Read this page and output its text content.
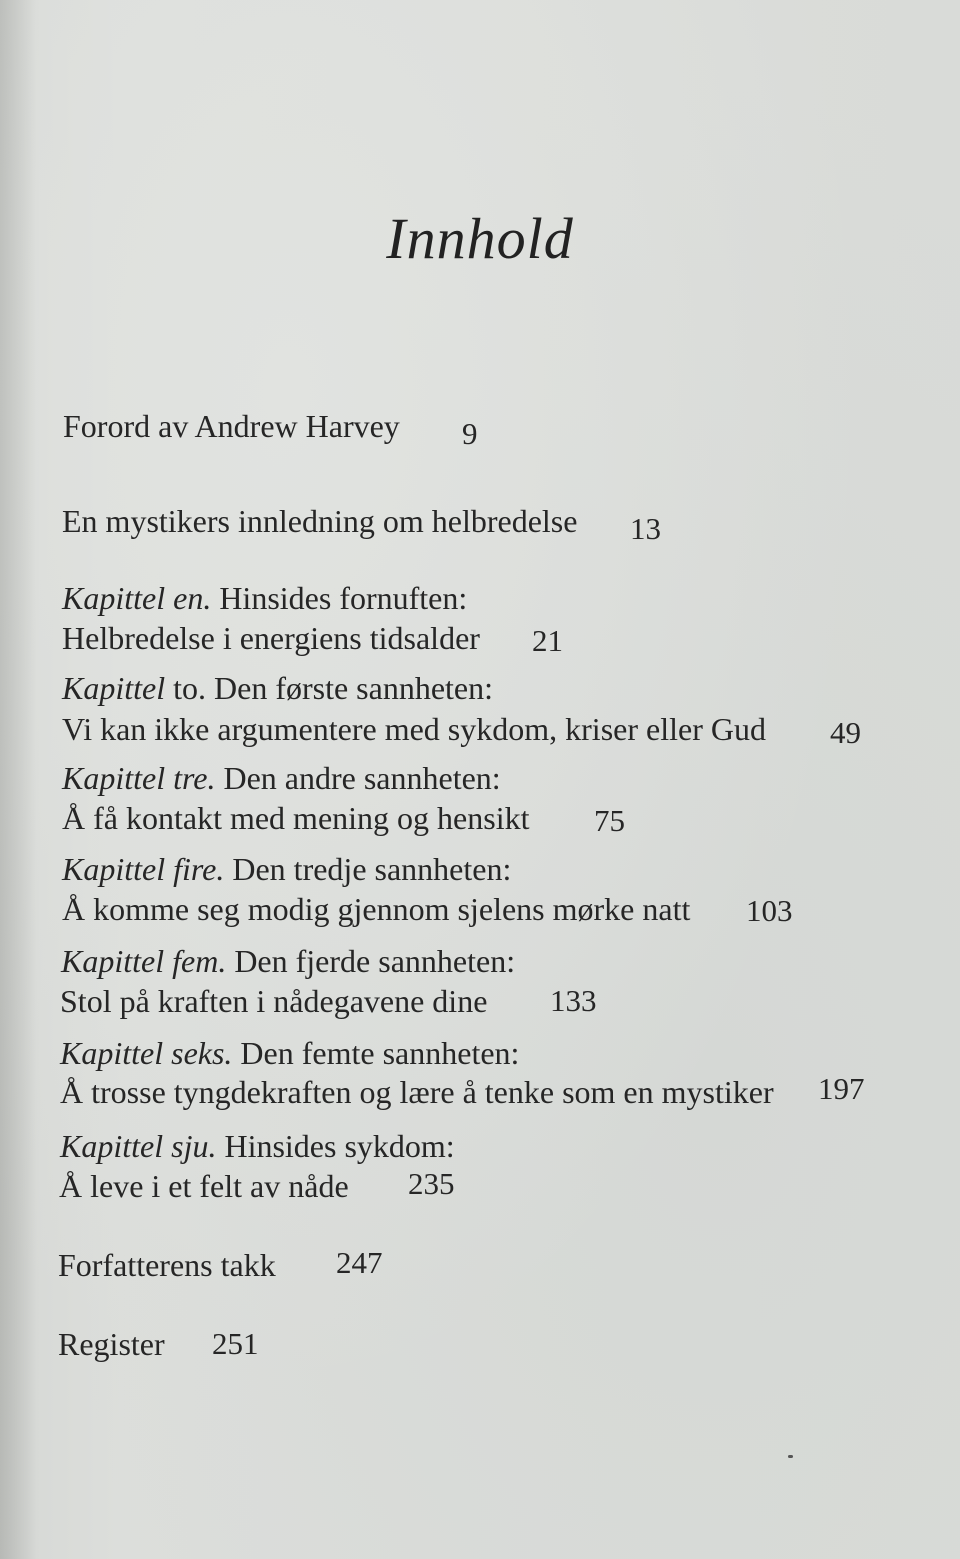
Innhold
Forord av Andrew Harvey 9
En mystikers innledning om helbredelse 13
Kapittel en. Hinsides fornuften:
Helbredelse i energiens tidsalder 21
Kapittel to. Den første sannheten:
Vi kan ikke argumentere med sykdom, kriser eller Gud 49
Kapittel tre. Den andre sannheten:
Å få kontakt med mening og hensikt 75
Kapittel fire. Den tredje sannheten:
Å komme seg modig gjennom sjelens mørke natt 103
Kapittel fem. Den fjerde sannheten:
Stol på kraften i nådegavene dine 133
Kapittel seks. Den femte sannheten:
Å trosse tyngdekraften og lære å tenke som en mystiker 197
Kapittel sju. Hinsides sykdom:
Å leve i et felt av nåde 235
Forfatterens takk 247
Register 251
